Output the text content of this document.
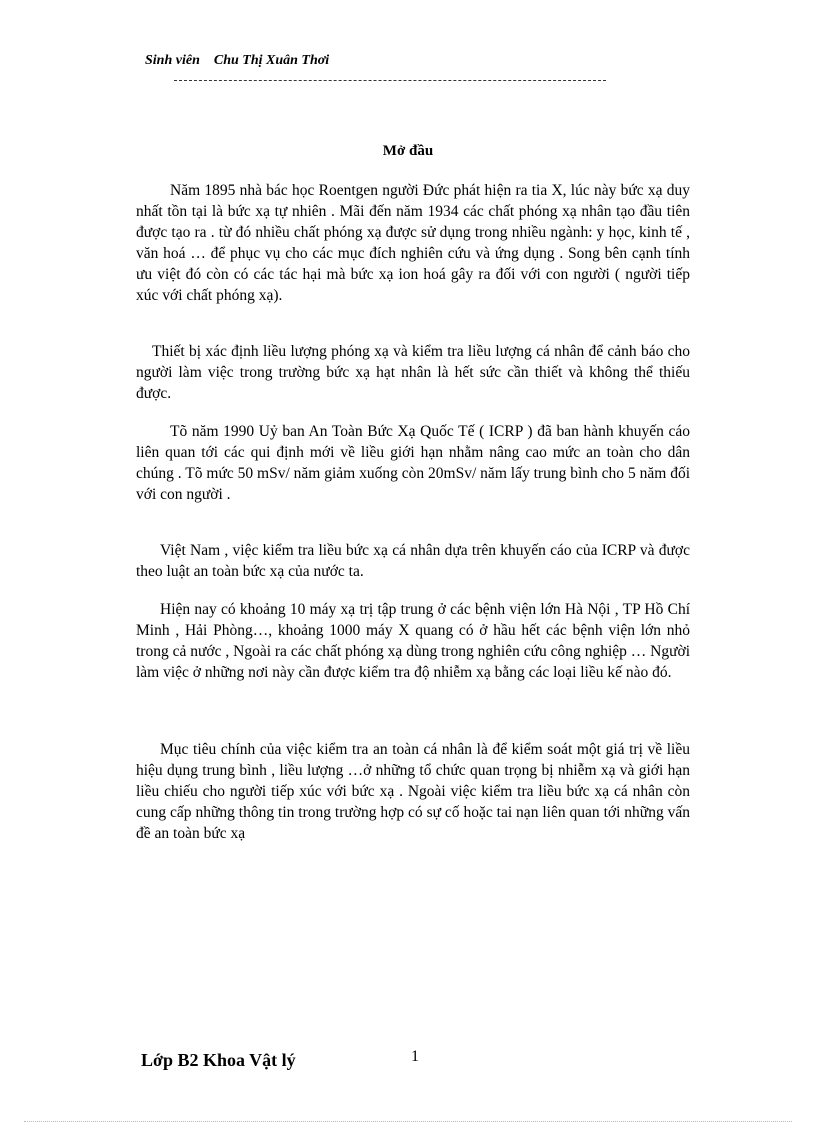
Sinh viên Chu Thị Xuân Thơi
Mở đầu

Năm 1895 nhà bác học Roentgen người Đức phát hiện ra tia X, lúc này bức xạ duy nhất tồn tại là bức xạ tự nhiên . Mãi đến năm 1934 các chất phóng xạ nhân tạo đầu tiên được tạo ra . từ đó nhiều chất phóng xạ được sử dụng trong nhiều ngành: y học, kinh tế , văn hoá … để phục vụ cho các mục đích nghiên cứu và ứng dụng . Song bên cạnh tính ưu việt đó còn có các tác hại mà bức xạ ion hoá gây ra đối với con người ( người tiếp xúc với chất phóng xạ).

Thiết bị xác định liều lượng phóng xạ và kiểm tra liều lượng cá nhân để cảnh báo cho người làm việc trong trường bức xạ hạt nhân là hết sức cần thiết và không thể thiếu được.

Tõ năm 1990 Uỷ ban An Toàn Bức Xạ Quốc Tế ( ICRP ) đã ban hành khuyến cáo liên quan tới các qui định mới về liều giới hạn nhằm nâng cao mức an toàn cho dân chúng . Tõ mức 50 mSv/ năm giảm xuống còn 20mSv/ năm lấy trung bình cho 5 năm đối với con người .

Việt Nam , việc kiểm tra liều bức xạ cá nhân dựa trên khuyến cáo của ICRP và được theo luật an toàn bức xạ của nước ta.

Hiện nay có khoảng 10 máy xạ trị tập trung ở các bệnh viện lớn Hà Nội , TP Hồ Chí Minh , Hải Phòng…, khoảng 1000 máy X quang có ở hầu hết các bệnh viện lớn nhỏ trong cả nước , Ngoài ra các chất phóng xạ dùng trong nghiên cứu công nghiệp … Người làm việc ở những nơi này cần được kiểm tra độ nhiễm xạ bằng các loại liều kế nào đó.

Mục tiêu chính của việc kiểm tra an toàn cá nhân là để kiểm soát một giá trị về liều hiệu dụng trung bình , liều lượng …ở những tổ chức quan trọng bị nhiễm xạ và giới hạn liều chiếu cho người tiếp xúc với bức xạ . Ngoài việc kiểm tra liều bức xạ cá nhân còn cung cấp những thông tin trong trường hợp có sự cố hoặc tai nạn liên quan tới những vấn đề an toàn bức xạ

Lớp B2 Khoa Vật lý	1
